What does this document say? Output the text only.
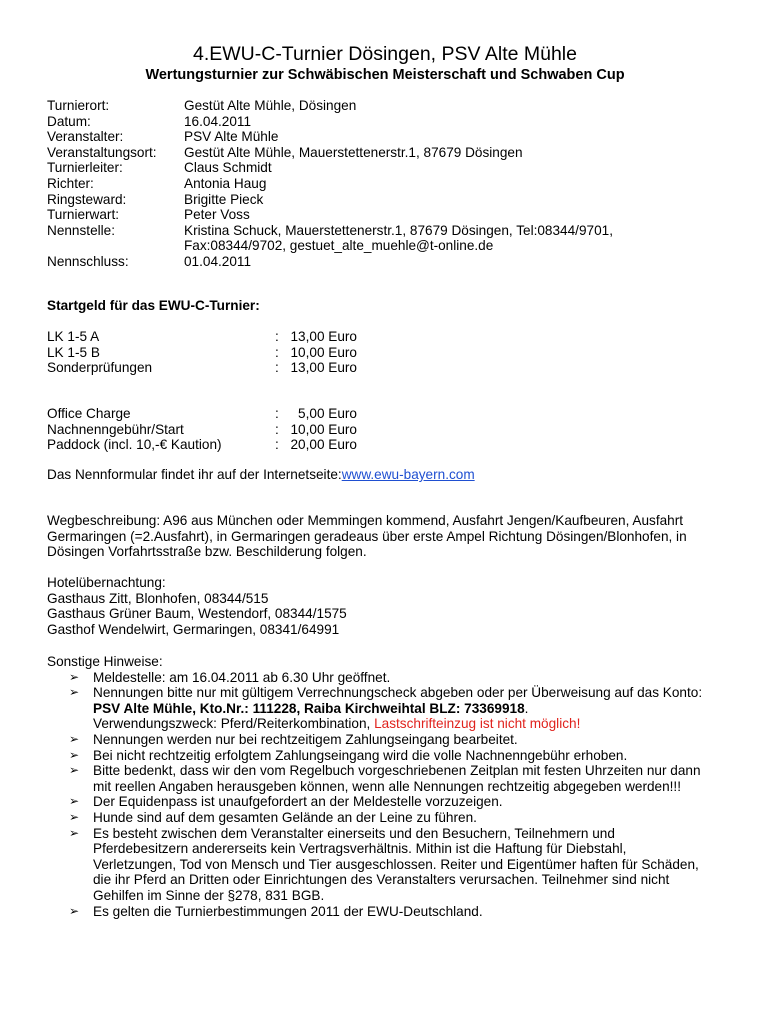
4.EWU-C-Turnier Dösingen, PSV Alte Mühle
Wertungsturnier zur Schwäbischen Meisterschaft und Schwaben Cup
Turnierort:	Gestüt Alte Mühle, Dösingen
Datum:	16.04.2011
Veranstalter:	PSV Alte Mühle
Veranstaltungsort:	Gestüt Alte Mühle, Mauerstettenerstr.1, 87679 Dösingen
Turnierleiter:	Claus Schmidt
Richter:	Antonia Haug
Ringsteward:	Brigitte Pieck
Turnierwart:	Peter Voss
Nennstelle:	Kristina Schuck, Mauerstettenerstr.1, 87679 Dösingen, Tel:08344/9701,
Fax:08344/9702, gestuet_alte_muehle@t-online.de
Nennschluss:	01.04.2011
Startgeld für das EWU-C-Turnier:
LK 1-5 A	: 13,00 Euro
LK 1-5 B	: 10,00 Euro
Sonderprüfungen	: 13,00 Euro
Office Charge	:	5,00 Euro
Nachnenngebühr/Start	: 10,00 Euro
Paddock (incl. 10,-€ Kaution)	: 20,00 Euro
Das Nennformular findet ihr auf der Internetseite:www.ewu-bayern.com
Wegbeschreibung: A96 aus München oder Memmingen kommend, Ausfahrt Jengen/Kaufbeuren, Ausfahrt Germaringen (=2.Ausfahrt), in Germaringen geradeaus über erste Ampel Richtung Dösingen/Blonhofen, in Dösingen Vorfahrtsstraße bzw. Beschilderung folgen.
Hotelübernachtung:
Gasthaus Zitt, Blonhofen, 08344/515
Gasthaus Grüner Baum, Westendorf, 08344/1575
Gasthof Wendelwirt, Germaringen, 08341/64991
Sonstige Hinweise:
➢ Meldestelle: am 16.04.2011 ab 6.30 Uhr geöffnet.
➢ Nennungen bitte nur mit gültigem Verrechnungscheck abgeben oder per Überweisung auf das Konto: PSV Alte Mühle, Kto.Nr.: 111228, Raiba Kirchweihtal BLZ: 73369918.
Verwendungszweck: Pferd/Reiterkombination, Lastschrifteinzug ist nicht möglich!
➢ Nennungen werden nur bei rechtzeitigem Zahlungseingang bearbeitet.
➢ Bei nicht rechtzeitig erfolgtem Zahlungseingang wird die volle Nachnenngebühr erhoben.
➢ Bitte bedenkt, dass wir den vom Regelbuch vorgeschriebenen Zeitplan mit festen Uhrzeiten nur dann mit reellen Angaben herausgeben können, wenn alle Nennungen rechtzeitig abgegeben werden!!!
➢ Der Equidenpass ist unaufgefordert an der Meldestelle vorzuzeigen.
➢ Hunde sind auf dem gesamten Gelände an der Leine zu führen.
➢ Es besteht zwischen dem Veranstalter einerseits und den Besuchern, Teilnehmern und Pferdebesitzern andererseits kein Vertragsverhältnis. Mithin ist die Haftung für Diebstahl, Verletzungen, Tod von Mensch und Tier ausgeschlossen. Reiter und Eigentümer haften für Schäden, die ihr Pferd an Dritten oder Einrichtungen des Veranstalters verursachen. Teilnehmer sind nicht Gehilfen im Sinne der §278, 831 BGB.
➢ Es gelten die Turnierbestimmungen 2011 der EWU-Deutschland.
